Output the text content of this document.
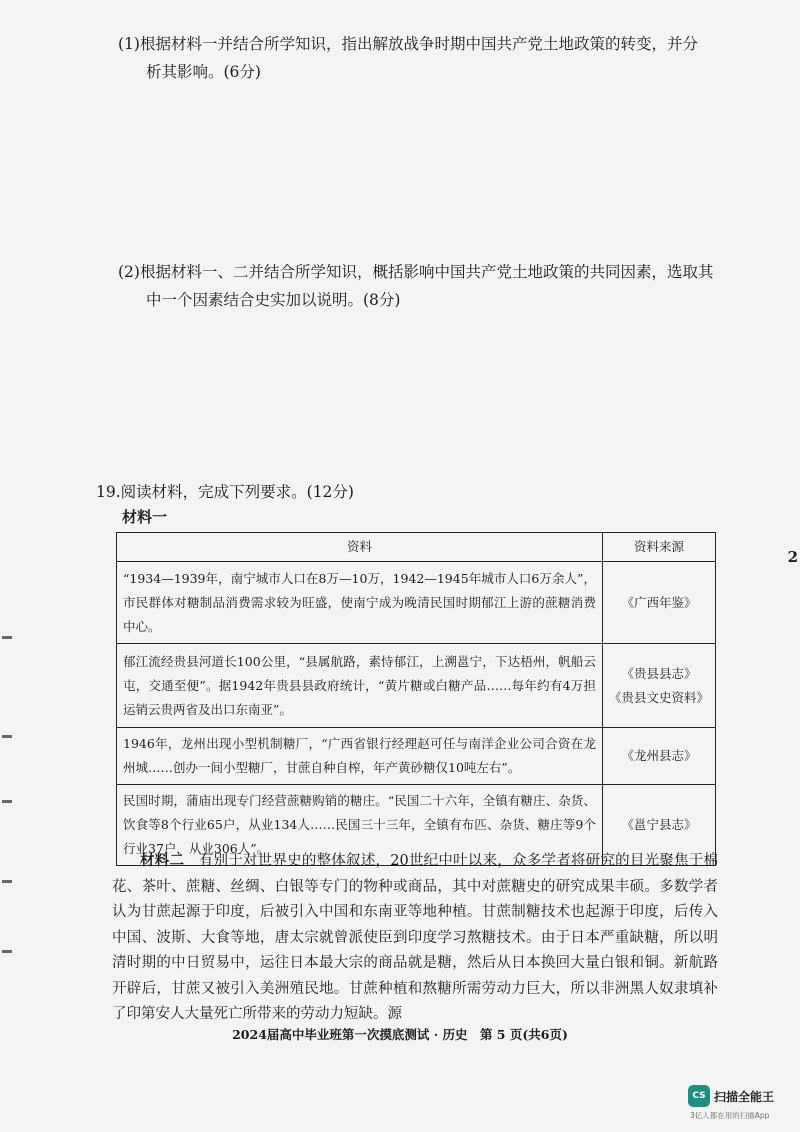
(1)根据材料一并结合所学知识，指出解放战争时期中国共产党土地政策的转变，并分
析其影响。(6分)
(2)根据材料一、二并结合所学知识，概括影响中国共产党土地政策的共同因素，选取其
中一个因素结合史实加以说明。(8分)
19.阅读材料，完成下列要求。(12分)
材料一
资料	资料来源
“1934—1939年，南宁城市人口在8万—10万，1942—1945年城市人口6万余人”，市民群体对糖制品消费需求较为旺盛，使南宁成为晚清民国时期郁江上游的蔗糖消费中心。	《广西年鉴》

郁江流经贵县河道长100公里，“县属航路，素恃郁江，上溯邕宁，下达梧州，帆船云屯，交通至便”。据1942年贵县县政府统计，“黄片糖或白糖产品……每年约有4万担运销云贵两省及出口东南亚”。	《贵县县志》
《贵县文史资料》

1946年，龙州出现小型机制糖厂，“广西省银行经理赵可任与南洋企业公司合资在龙州城……创办一间小型糖厂，甘蔗自种自榨，年产黄砂糖仅10吨左右”。	《龙州县志》

民国时期，蒲庙出现专门经营蔗糖购销的糖庄。“民国二十六年，全镇有糖庄、杂货、饮食等8个行业65户，从业134人……民国三十三年，全镇有布匹、杂货、糖庄等9个行业37户，从业306人”。	《邕宁县志》
材料二 有别于对世界史的整体叙述，20世纪中叶以来，众多学者将研究的目光聚焦于棉花、茶叶、蔗糖、丝绸、白银等专门的物种或商品，其中对蔗糖史的研究成果丰硕。多数学者认为甘蔗起源于印度，后被引入中国和东南亚等地种植。甘蔗制糖技术也起源于印度，后传入中国、波斯、大食等地，唐太宗就曾派使臣到印度学习熬糖技术。由于日本严重缺糖，所以明清时期的中日贸易中，运往日本最大宗的商品就是糖，然后从日本换回大量白银和铜。新航路开辟后，甘蔗又被引入美洲殖民地。甘蔗种植和熬糖所需劳动力巨大，所以非洲黑人奴隶填补了印第安人大量死亡所带来的劳动力短缺。源
2024届高中毕业班第一次摸底测试 · 历史　第 5 页(共6页)
2
CS 扫描全能王
3亿人都在用的扫描App
